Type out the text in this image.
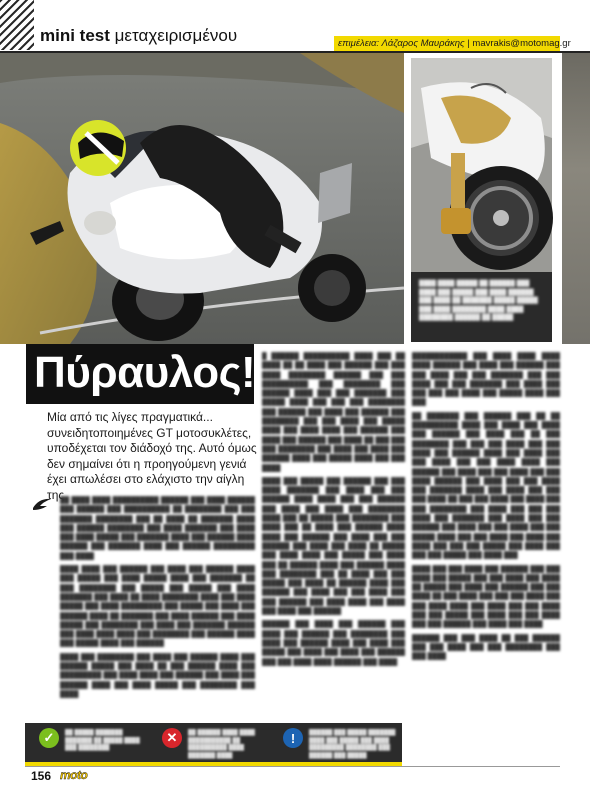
mini test μεταχειρισμένου	επιμέλεια: Λάζαρος Μαυράκης | mavrakis@motomag.gr
████ ████ █████ ██ ██████ ███ ████ ███ █████ ███ ████ ██████ ███ ████ ██ ███████ █████ █████ ███ ████ ████████ ████ ████ ████████ ██████ ██ █████
Πύραυλος!
Μία από τις λίγες πραγματικά... συνειδητοποιημένες GT μοτοσυκλέτες, υποδέχεται τον διάδοχό της. Αυτό όμως δεν σημαίνει ότι η προηγούμενη γενιά έχει απωλέσει στο ελάχιστο την αίγλη της

██ ████ ████ ██████████ ██████ ███ ████ ██████ ███ ██████ ███ ██████████ ██ ████████ ███ ███ ███████ ████████ ███ ██ ████ ██ ███████ ████ ███ ██████ ████████ ███ ████ ███████ ███ ████ ███ ████ █████ ███ ███████ ████ ███ ██████ ████ ██████ ███ ███████ ████ ███ ██████ █████████ ███ ████

████ ████ ███ ██████ ███ ████ ███ ██████ ████ ███ █████ ███ ████ █████ ████ ███ ███████ ██ ███ ████████ ███ █████ ███ █████ ███ ████ ███████ ███ ████ ██ ████ ████████ ████ ███ ████ █████ ███ ████ █████████ ███ █████ ███ ████ ███ ██████ ████ ██ ███████ ███ ████ ██████ ███ ████ █████ ███ ████████ ███ ████ ███ ███████ ██████ ███ ████ ████ ████ ███ ████████ ███ ██████ ████ ███ █████ ████ ███ ██████

████ ███ ████████ ███ ████ ███ ██████ ████ ███ ██████ █████ ███ ████ ██ ███ ██████ ████ ███ █████████ ███ ████ ████ ███ ██████ ███ ████ ███ ██████ ████ ███ ████ █████ ███ ████████ ███ ████

█ ██████ ██████████ ████ ███ ██ ████ ██ ██ ████ ███ ██████ ███ ███ ████ ████████ ██████ ███ ███ ██████████ ███ ████████ ███ ██████ ████ ███ ███ ███████ ███ █████ ████ ███ ███ ███ ████████ ███ ██████ ███ ████ ███ ██████ ███ ████████ ███ ███ ████ ███ █████ ████ ███ ████ ████ ███ ██████ ███ ████ ███ ██████ ███ ████ ██ ███ ███ ███ ████████ ███ ████ ███ ████ ███ ██████ ████ ███ █████ ████ ███ ███ ████

████ ███ █████ ███ ██████ ███ ███ ████ ███████ ███ ████ ███ ███ ██████ ████ ████ ███ ███ ██████ ███ ████ ███ ████ ███ ████████ ████ ███ ██ █████ ███ ████████ ███ ████ ███ ██ ████ ███ ██████ ████ ████ ███ ██████ ███ ████ ███ ███ ██████ ███ ████ ███ ████ ██ █████ ███ ████ ████ ███ █████ ███ ████ ███ ██ ██████ ████ ███ ██████ ████ ███ ████████ ███ ██ ████ ███ ███ █████ ███ ████ ██ ██████ ████ ███ ██████ ███ ████ ███ ███ ████ ███ ███ ██████ ███ ████ ████ ███ ████ ███ ████ ███ ██████

██████ ███ ████ ███ ██████ ███ ████ ███ ██████ ███ ████████ ███ ████ ███ ██████ ████ ███ ████ ███ █████ ███ ████ ███ ████ ███ ██████ ███ ███ ████ ████ ██████ ███ ████

████████████ ███ ████ ████ ████ ████ ██████ ███ ████ ███ ██████ ███ ███ ████ ███ ███ ███████ ███ ███ ████ ███ ███ ███████ ███ ████ ███ ███ ███ ███ ████ ███ █████ ████ ███ ███

██ ███████ ███ ██████ ███ ██ ██ ██████████ ████ ███ ████ ███ ████ ███ ██████ ███ ████ ███ ██ ███ ████████ ███ ███ ███ ████ ███ ███ ████ ███ ██████ ████ ███ ████ ███ ███ ████ ███ ███ ████ ████ ███ ██████ ███ ████ ███ ███ ████ ███ ███ ████ ██████ ███ ████ ███ ███ ████ ███ ███████ ████ ███ ████ ███ ███ ███ ████ ██ ███ ███ ████ ███ ████ ███ ███ ████████ ███ ████ ███ ███ ███ ████ ███ ███████ ███ ████ ███ ███ ██████ ███ ████ ███ ███ ████ ███ ███ █████ ████ ███ ███ ████ ███ ████ ███ ████ ███ ███ ███ █████ ███ ████ ███ ███ ███ █████ ███ ████ ███

████ ███ ███ ████ ███ ██████ ███ ███ ████ ███ █████ ███ ███ ████ ███ ████ ██ █████ ███ ████ ███ ██████ ███ ███ ████ ██ ███ ████ ███ ███ ███ ████ ███ ███ ████ ████ ███ ████ ███ ███ ████ ███ ███ █████ ███ ████ ███ ███ ████ ███ ███ ██████ ███ ████ ███ ████

██████ ███ ███ ████ ██ ███ ██████ ███ ███ ████ ███ ███ ████████ ███ ███ ████

✓	██ █████ ███████ ███████ ██ █████ ████ ███ ████████
✕	██ ██████ ████ ████ ███████████ ██ ██████████ ████ ███████ ████
!	██████ ███ █████ ███████ ████ ███ █████ ███ ████ █████████ ████████ ███ ██████ ███ █████
156 moto
